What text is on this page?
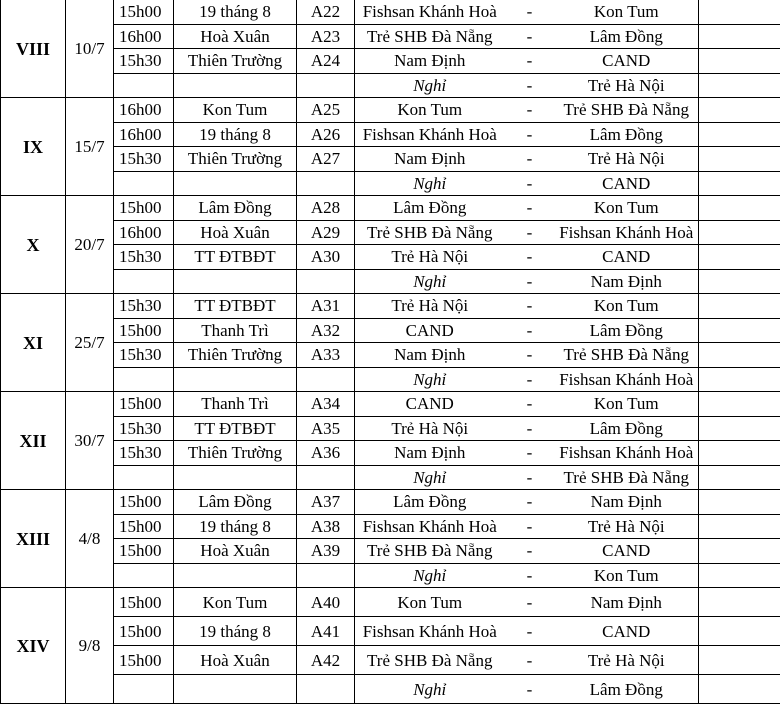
VIII	10/7	15h00	19 tháng 8	A22	Fishsan Khánh Hoà	-	Kon Tum	
		16h00	Hoà Xuân	A23	Trẻ SHB Đà Nẵng	-	Lâm Đồng	
		15h30	Thiên Trường	A24	Nam Định	-	CAND	
					Nghỉ	-	Trẻ Hà Nội	
IX	15/7	16h00	Kon Tum	A25	Kon Tum	-	Trẻ SHB Đà Nẵng	
		16h00	19 tháng 8	A26	Fishsan Khánh Hoà	-	Lâm Đồng	
		15h30	Thiên Trường	A27	Nam Định	-	Trẻ Hà Nội	
					Nghỉ	-	CAND	
X	20/7	15h00	Lâm Đồng	A28	Lâm Đồng	-	Kon Tum	
		16h00	Hoà Xuân	A29	Trẻ SHB Đà Nẵng	-	Fishsan Khánh Hoà	
		15h30	TT ĐTBĐT	A30	Trẻ Hà Nội	-	CAND	
					Nghỉ	-	Nam Định	
XI	25/7	15h30	TT ĐTBĐT	A31	Trẻ Hà Nội	-	Kon Tum	
		15h00	Thanh Trì	A32	CAND	-	Lâm Đồng	
		15h30	Thiên Trường	A33	Nam Định	-	Trẻ SHB Đà Nẵng	
					Nghỉ	-	Fishsan Khánh Hoà	
XII	30/7	15h00	Thanh Trì	A34	CAND	-	Kon Tum	
		15h30	TT ĐTBĐT	A35	Trẻ Hà Nội	-	Lâm Đồng	
		15h30	Thiên Trường	A36	Nam Định	-	Fishsan Khánh Hoà	
					Nghỉ	-	Trẻ SHB Đà Nẵng	
XIII	4/8	15h00	Lâm Đồng	A37	Lâm Đồng	-	Nam Định	
		15h00	19 tháng 8	A38	Fishsan Khánh Hoà	-	Trẻ Hà Nội	
		15h00	Hoà Xuân	A39	Trẻ SHB Đà Nẵng	-	CAND	
					Nghỉ	-	Kon Tum	
XIV	9/8	15h00	Kon Tum	A40	Kon Tum	-	Nam Định	
		15h00	19 tháng 8	A41	Fishsan Khánh Hoà	-	CAND	
		15h00	Hoà Xuân	A42	Trẻ SHB Đà Nẵng	-	Trẻ Hà Nội	
					Nghỉ	-	Lâm Đồng	
